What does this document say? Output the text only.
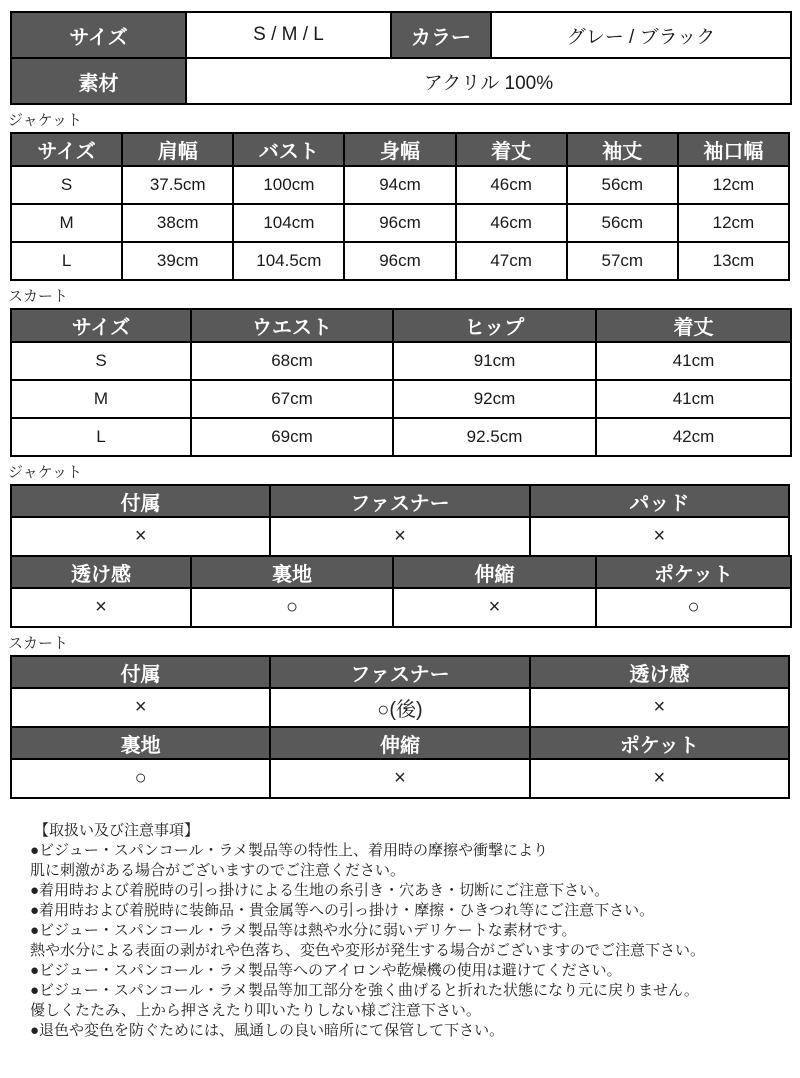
サイズ	S / M / L	カラー	グレー / ブラック
素材	アクリル 100%		
ジャケット
サイズ	肩幅	バスト	身幅	着丈	袖丈	袖口幅
S	37.5cm	100cm	94cm	46cm	56cm	12cm
M	38cm	104cm	96cm	46cm	56cm	12cm
L	39cm	104.5cm	96cm	47cm	57cm	13cm
スカート
サイズ	ウエスト	ヒップ	着丈
S	68cm	91cm	41cm
M	67cm	92cm	41cm
L	69cm	92.5cm	42cm
ジャケット
付属	ファスナー	パッド
×	×	×
透け感	裏地	伸縮	ポケット
×	○	×	○
スカート
付属	ファスナー	透け感
×	○(後)	×
裏地	伸縮	ポケット
○	×	×
【取扱い及び注意事項】
●ビジュー・スパンコール・ラメ製品等の特性上、着用時の摩擦や衝撃により
肌に刺激がある場合がございますのでご注意ください。
●着用時および着脱時の引っ掛けによる生地の糸引き・穴あき・切断にご注意下さい。
●着用時および着脱時に装飾品・貴金属等への引っ掛け・摩擦・ひきつれ等にご注意下さい。
●ビジュー・スパンコール・ラメ製品等は熱や水分に弱いデリケートな素材です。
熱や水分による表面の剥がれや色落ち、変色や変形が発生する場合がございますのでご注意下さい。
●ビジュー・スパンコール・ラメ製品等へのアイロンや乾燥機の使用は避けてください。
●ビジュー・スパンコール・ラメ製品等加工部分を強く曲げると折れた状態になり元に戻りません。
優しくたたみ、上から押さえたり叩いたりしない様ご注意下さい。
●退色や変色を防ぐためには、風通しの良い暗所にて保管して下さい。
